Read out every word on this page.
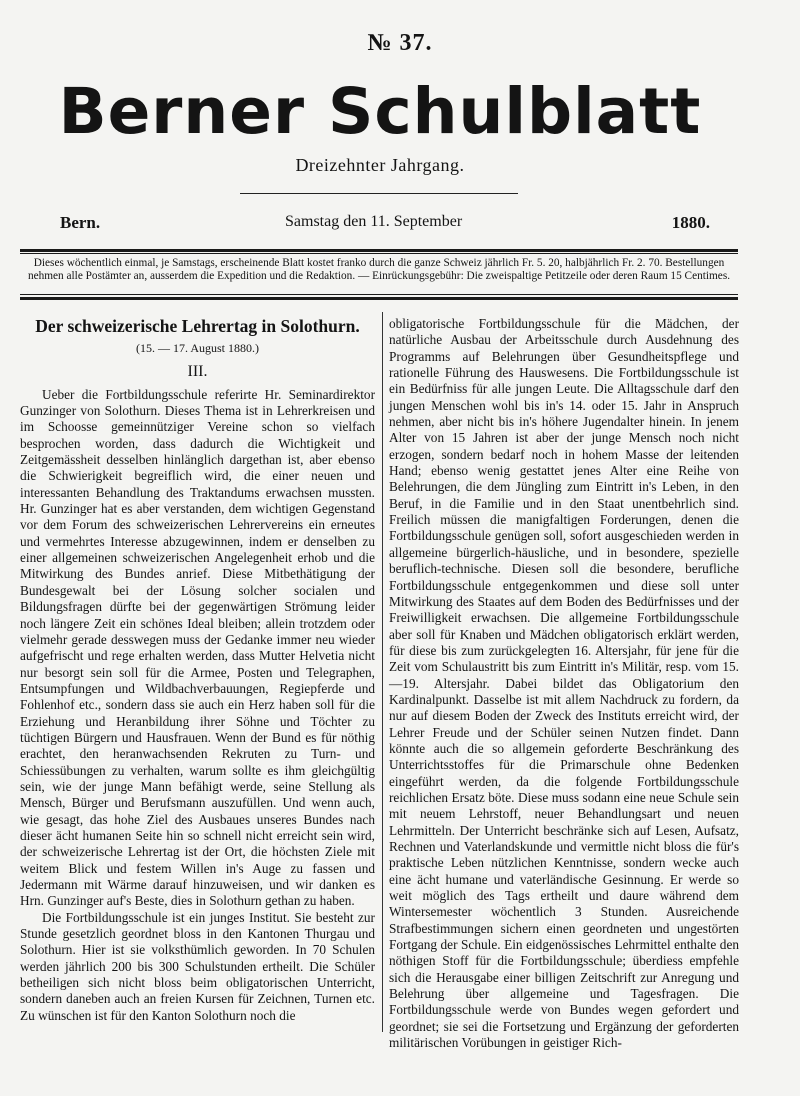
№ 37.
Berner Schulblatt
Dreizehnter Jahrgang.
Bern.	Samstag den 11. September	1880.
Dieses wöchentlich einmal, je Samstags, erscheinende Blatt kostet franko durch die ganze Schweiz jährlich Fr. 5. 20, halbjährlich Fr. 2. 70. Bestellungen nehmen alle Postämter an, ausserdem die Expedition und die Redaktion. — Einrückungsgebühr: Die zweispaltige Petitzeile oder deren Raum 15 Centimes.
Der schweizerische Lehrertag in Solothurn.
(15. — 17. August 1880.)
III.

Ueber die Fortbildungsschule referirte Hr. Seminardirektor Gunzinger von Solothurn. Dieses Thema ist in Lehrerkreisen und im Schoosse gemeinnütziger Vereine schon so vielfach besprochen worden, dass dadurch die Wichtigkeit und Zeitgemässheit desselben hinlänglich dargethan ist, aber ebenso die Schwierigkeit begreiflich wird, die einer neuen und interessanten Behandlung des Traktandums erwachsen mussten. Hr. Gunzinger hat es aber verstanden, dem wichtigen Gegenstand vor dem Forum des schweizerischen Lehrervereins ein erneutes und vermehrtes Interesse abzugewinnen, indem er denselben zu einer allgemeinen schweizerischen Angelegenheit erhob und die Mitwirkung des Bundes anrief. Diese Mitbethätigung der Bundesgewalt bei der Lösung solcher socialen und Bildungsfragen dürfte bei der gegenwärtigen Strömung leider noch längere Zeit ein schönes Ideal bleiben; allein trotzdem oder vielmehr gerade desswegen muss der Gedanke immer neu wieder aufgefrischt und rege erhalten werden, dass Mutter Helvetia nicht nur besorgt sein soll für die Armee, Posten und Telegraphen, Entsumpfungen und Wildbachverbauungen, Regiepferde und Fohlenhof etc., sondern dass sie auch ein Herz haben soll für die Erziehung und Heranbildung ihrer Söhne und Töchter zu tüchtigen Bürgern und Hausfrauen. Wenn der Bund es für nöthig erachtet, den heranwachsenden Rekruten zu Turn- und Schiessübungen zu verhalten, warum sollte es ihm gleichgültig sein, wie der junge Mann befähigt werde, seine Stellung als Mensch, Bürger und Berufsmann auszufüllen. Und wenn auch, wie gesagt, das hohe Ziel des Ausbaues unseres Bundes nach dieser ächt humanen Seite hin so schnell nicht erreicht sein wird, der schweizerische Lehrertag ist der Ort, die höchsten Ziele mit weitem Blick und festem Willen in's Auge zu fassen und Jedermann mit Wärme darauf hinzuweisen, und wir danken es Hrn. Gunzinger auf's Beste, dies in Solothurn gethan zu haben.

Die Fortbildungsschule ist ein junges Institut. Sie besteht zur Stunde gesetzlich geordnet bloss in den Kantonen Thurgau und Solothurn. Hier ist sie volksthümlich geworden. In 70 Schulen werden jährlich 200 bis 300 Schulstunden ertheilt. Die Schüler betheiligen sich nicht bloss beim obligatorischen Unterricht, sondern daneben auch an freien Kursen für Zeichnen, Turnen etc. Zu wünschen ist für den Kanton Solothurn noch die

obligatorische Fortbildungsschule für die Mädchen, der natürliche Ausbau der Arbeitsschule durch Ausdehnung des Programms auf Belehrungen über Gesundheitspflege und rationelle Führung des Hauswesens. Die Fortbildungsschule ist ein Bedürfniss für alle jungen Leute. Die Alltagsschule darf den jungen Menschen wohl bis in's 14. oder 15. Jahr in Anspruch nehmen, aber nicht bis in's höhere Jugendalter hinein. In jenem Alter von 15 Jahren ist aber der junge Mensch noch nicht erzogen, sondern bedarf noch in hohem Masse der leitenden Hand; ebenso wenig gestattet jenes Alter eine Reihe von Belehrungen, die dem Jüngling zum Eintritt in's Leben, in den Beruf, in die Familie und in den Staat unentbehrlich sind. Freilich müssen die manigfaltigen Forderungen, denen die Fortbildungsschule genügen soll, sofort ausgeschieden werden in allgemeine bürgerlich-häusliche, und in besondere, spezielle beruflich-technische. Diesen soll die besondere, berufliche Fortbildungsschule entgegenkommen und diese soll unter Mitwirkung des Staates auf dem Boden des Bedürfnisses und der Freiwilligkeit erwachsen. Die allgemeine Fortbildungsschule aber soll für Knaben und Mädchen obligatorisch erklärt werden, für diese bis zum zurückgelegten 16. Altersjahr, für jene für die Zeit vom Schulaustritt bis zum Eintritt in's Militär, resp. vom 15.—19. Altersjahr. Dabei bildet das Obligatorium den Kardinalpunkt. Dasselbe ist mit allem Nachdruck zu fordern, da nur auf diesem Boden der Zweck des Instituts erreicht wird, der Lehrer Freude und der Schüler seinen Nutzen findet. Dann könnte auch die so allgemein geforderte Beschränkung des Unterrichtsstoffes für die Primarschule ohne Bedenken eingeführt werden, da die folgende Fortbildungsschule reichlichen Ersatz böte. Diese muss sodann eine neue Schule sein mit neuem Lehrstoff, neuer Behandlungsart und neuen Lehrmitteln. Der Unterricht beschränke sich auf Lesen, Aufsatz, Rechnen und Vaterlandskunde und vermittle nicht bloss die für's praktische Leben nützlichen Kenntnisse, sondern wecke auch eine ächt humane und vaterländische Gesinnung. Er werde so weit möglich des Tags ertheilt und daure während dem Wintersemester wöchentlich 3 Stunden. Ausreichende Strafbestimmungen sichern einen geordneten und ungestörten Fortgang der Schule. Ein eidgenössisches Lehrmittel enthalte den nöthigen Stoff für die Fortbildungsschule; überdiess empfehle sich die Herausgabe einer billigen Zeitschrift zur Anregung und Belehrung über allgemeine und Tagesfragen. Die Fortbildungsschule werde von Bundes wegen gefordert und geordnet; sie sei die Fortsetzung und Ergänzung der geforderten militärischen Vorübungen in geistiger Rich-
